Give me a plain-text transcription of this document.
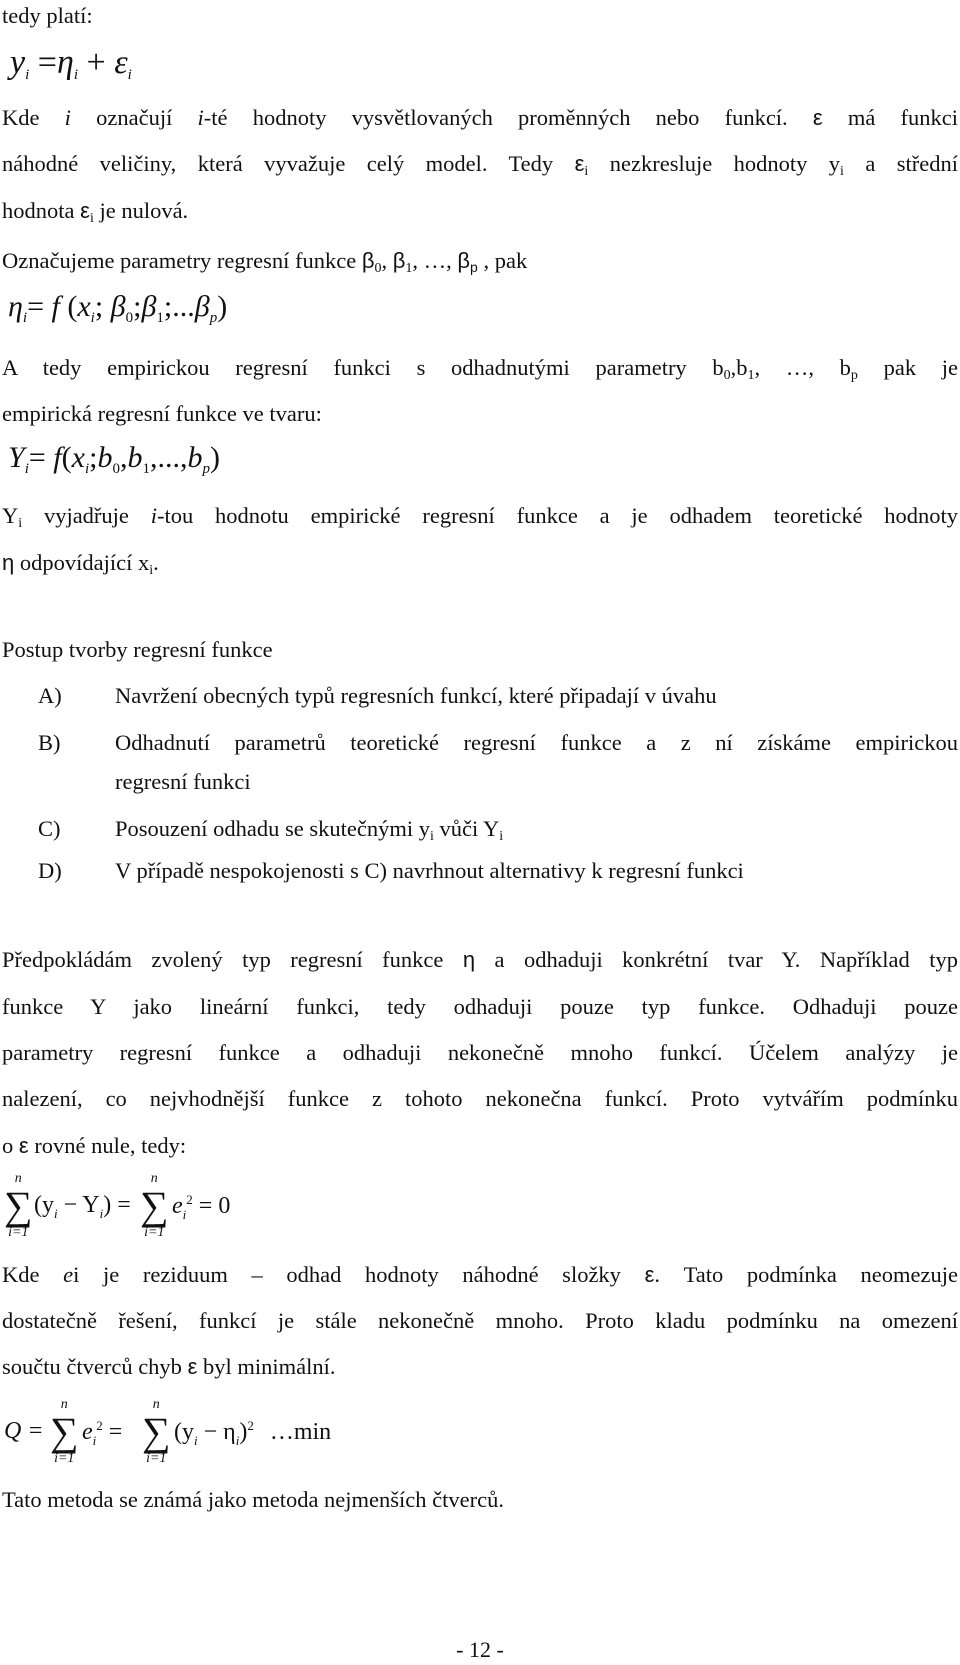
tedy platí:
yi =ηi + εi
Kde i označují i-té hodnoty vysvětlovaných proměnných nebo funkcí. ε má funkci
náhodné veličiny, která vyvažuje celý model. Tedy $\varepsilon_i$ nezkresluje hodnoty $y_i$ a střední
hodnota $\varepsilon_i$ je nulová.
Označujeme parametry regresní funkce $\beta_0$, $\beta_1$, …, $\beta_p$ , pak
$\eta_i= f$ ($x_i$; $\beta_0;\beta_1;...\beta_p$)
A tedy empirickou regresní funkci s odhadnutými parametry $b_0,b_1$, …, $b_p$ pak je
empirická regresní funkce ve tvaru:
$Y_i=$ $f(x_i;b_0,b_1,...,b_p)$
$Y_i$ vyjadřuje i-tou hodnotu empirické regresní funkce a je odhadem teoretické hodnoty
η odpovídající $x_i$.
Postup tvorby regresní funkce
A) Navržení obecných typů regresních funkcí, které připadají v úvahu
B) Odhadnutí parametrů teoretické regresní funkce a z ní získáme empirickou
regresní funkci
C) Posouzení odhadu se skutečnými $y_i$ vůči $Y_i$
D) V případě nespokojenosti s C) navrhnout alternativy k regresní funkci
Předpokládám zvolený typ regresní funkce η a odhaduji konkrétní tvar Y. Například typ
funkce Y jako lineární funkci, tedy odhaduji pouze typ funkce. Odhaduji pouze
parametry regresní funkce a odhaduji nekonečně mnoho funkcí. Účelem analýzy je
nalezení, co nejvhodnější funkce z tohoto nekonečna funkcí. Proto vytvářím podmínku
o ε rovné nule, tedy:
n
∑
i=1
$(y_i - Y_i)$ =
n
∑
i=1
$e_i^2 = 0$
Kde ei je reziduum – odhad hodnoty náhodné složky ε. Tato podmínka neomezuje
dostatečně řešení, funkcí je stále nekonečně mnoho. Proto kladu podmínku na omezení
součtu čtverců chyb ε byl minimální.
Q =
n
∑
i=1
$e_i^2$ =
n
∑
i=1
$(y_i - \eta_i)^2$ …min
Tato metoda se známá jako metoda nejmenších čtverců.
- 12 -
